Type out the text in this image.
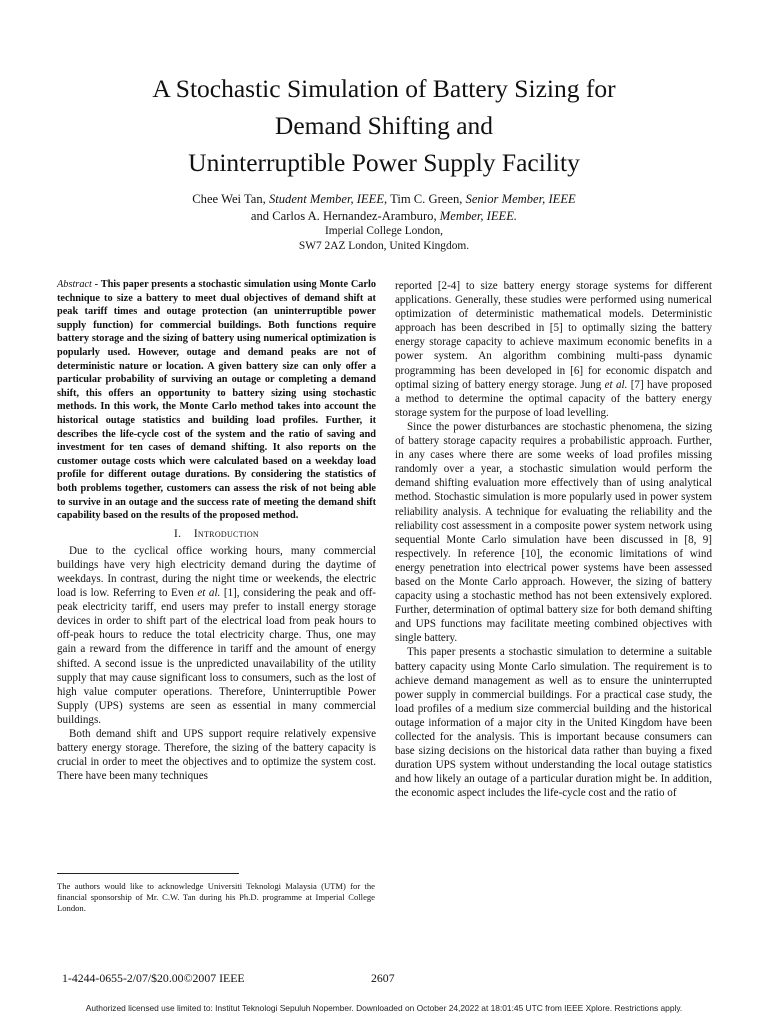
A Stochastic Simulation of Battery Sizing for
Demand Shifting and
Uninterruptible Power Supply Facility
Chee Wei Tan, Student Member, IEEE, Tim C. Green, Senior Member, IEEE
and Carlos A. Hernandez-Aramburo, Member, IEEE.
Imperial College London,
SW7 2AZ London, United Kingdom.

Abstract - This paper presents a stochastic simulation using Monte Carlo technique to size a battery to meet dual objectives of demand shift at peak tariff times and outage protection (an uninterruptible power supply function) for commercial buildings. Both functions require battery storage and the sizing of battery using numerical optimization is popularly used. However, outage and demand peaks are not of deterministic nature or location. A given battery size can only offer a particular probability of surviving an outage or completing a demand shift, this offers an opportunity to battery sizing using stochastic methods. In this work, the Monte Carlo method takes into account the historical outage statistics and building load profiles. Further, it describes the life-cycle cost of the system and the ratio of saving and investment for ten cases of demand shifting. It also reports on the customer outage costs which were calculated based on a weekday load profile for different outage durations. By considering the statistics of both problems together, customers can assess the risk of not being able to survive in an outage and the success rate of meeting the demand shift capability based on the results of the proposed method.

I. Introduction

Due to the cyclical office working hours, many commercial buildings have very high electricity demand during the daytime of weekdays. In contrast, during the night time or weekends, the electric load is low. Referring to Even et al. [1], considering the peak and off-peak electricity tariff, end users may prefer to install energy storage devices in order to shift part of the electrical load from peak hours to off-peak hours to reduce the total electricity charge. Thus, one may gain a reward from the difference in tariff and the amount of energy shifted. A second issue is the unpredicted unavailability of the utility supply that may cause significant loss to consumers, such as the lost of high value computer operations. Therefore, Uninterruptible Power Supply (UPS) systems are seen as essential in many commercial buildings.

Both demand shift and UPS support require relatively expensive battery energy storage. Therefore, the sizing of the battery capacity is crucial in order to meet the objectives and to optimize the system cost. There have been many techniques

The authors would like to acknowledge Universiti Teknologi Malaysia (UTM) for the financial sponsorship of Mr. C.W. Tan during his Ph.D. programme at Imperial College London.

reported [2-4] to size battery energy storage systems for different applications. Generally, these studies were performed using numerical optimization of deterministic mathematical models. Deterministic approach has been described in [5] to optimally sizing the battery energy storage capacity to achieve maximum economic benefits in a power system. An algorithm combining multi-pass dynamic programming has been developed in [6] for economic dispatch and optimal sizing of battery energy storage. Jung et al. [7] have proposed a method to determine the optimal capacity of the battery energy storage system for the purpose of load levelling.

Since the power disturbances are stochastic phenomena, the sizing of battery storage capacity requires a probabilistic approach. Further, in any cases where there are some weeks of load profiles missing randomly over a year, a stochastic simulation would perform the demand shifting evaluation more effectively than of using analytical method. Stochastic simulation is more popularly used in power system reliability analysis. A technique for evaluating the reliability and the reliability cost assessment in a composite power system network using sequential Monte Carlo simulation have been discussed in [8, 9] respectively. In reference [10], the economic limitations of wind energy penetration into electrical power systems have been assessed based on the Monte Carlo approach. However, the sizing of battery capacity using a stochastic method has not been extensively explored. Further, determination of optimal battery size for both demand shifting and UPS functions may facilitate meeting combined objectives with single battery.

This paper presents a stochastic simulation to determine a suitable battery capacity using Monte Carlo simulation. The requirement is to achieve demand management as well as to ensure the uninterrupted power supply in commercial buildings. For a practical case study, the load profiles of a medium size commercial building and the historical outage information of a major city in the United Kingdom have been collected for the analysis. This is important because consumers can base sizing decisions on the historical data rather than buying a fixed duration UPS system without understanding the local outage statistics and how likely an outage of a particular duration might be. In addition, the economic aspect includes the life-cycle cost and the ratio of

1-4244-0655-2/07/$20.00©2007 IEEE	2607
Authorized licensed use limited to: Institut Teknologi Sepuluh Nopember. Downloaded on October 24,2022 at 18:01:45 UTC from IEEE Xplore. Restrictions apply.
